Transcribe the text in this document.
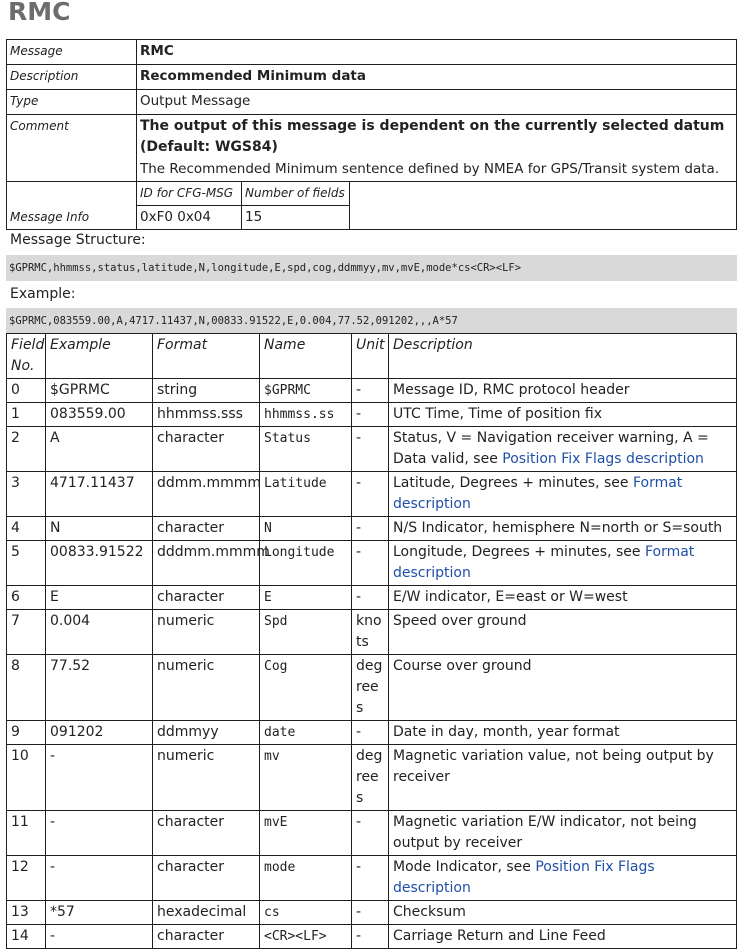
RMC
Message	RMC		
Description	Recommended Minimum data		
Type	Output Message		
Comment	The output of this message is dependent on the currently selected datum (Default: WGS84)
The Recommended Minimum sentence defined by NMEA for GPS/Transit system data.		

Message Info	ID for CFG-MSG	Number of fields	
	0xF0 0x04	15	
Message Structure:
$GPRMC,hhmmss,status,latitude,N,longitude,E,spd,cog,ddmmyy,mv,mvE,mode*cs<CR><LF>
Example:
$GPRMC,083559.00,A,4717.11437,N,00833.91522,E,0.004,77.52,091202,,,A*57
Field No.	Example	Format	Name	Unit	Description
0	$GPRMC	string	$GPRMC	-	Message ID, RMC protocol header
1	083559.00	hhmmss.sss	hhmmss.ss	-	UTC Time, Time of position fix
2	A	character	Status	-	Status, V = Navigation receiver warning, A = Data valid, see Position Fix Flags description
3	4717.11437	ddmm.mmmm	Latitude	-	Latitude, Degrees + minutes, see Format description
4	N	character	N	-	N/S Indicator, hemisphere N=north or S=south
5	00833.91522	dddmm.mmmm	Longitude	-	Longitude, Degrees + minutes, see Format description
6	E	character	E	-	E/W indicator, E=east or W=west
7	0.004	numeric	Spd	knots	Speed over ground
8	77.52	numeric	Cog	degrees	Course over ground
9	091202	ddmmyy	date	-	Date in day, month, year format
10	-	numeric	mv	degrees	Magnetic variation value, not being output by receiver
11	-	character	mvE	-	Magnetic variation E/W indicator, not being output by receiver
12	-	character	mode	-	Mode Indicator, see Position Fix Flags description
13	*57	hexadecimal	cs	-	Checksum
14	-	character	<CR><LF>	-	Carriage Return and Line Feed
